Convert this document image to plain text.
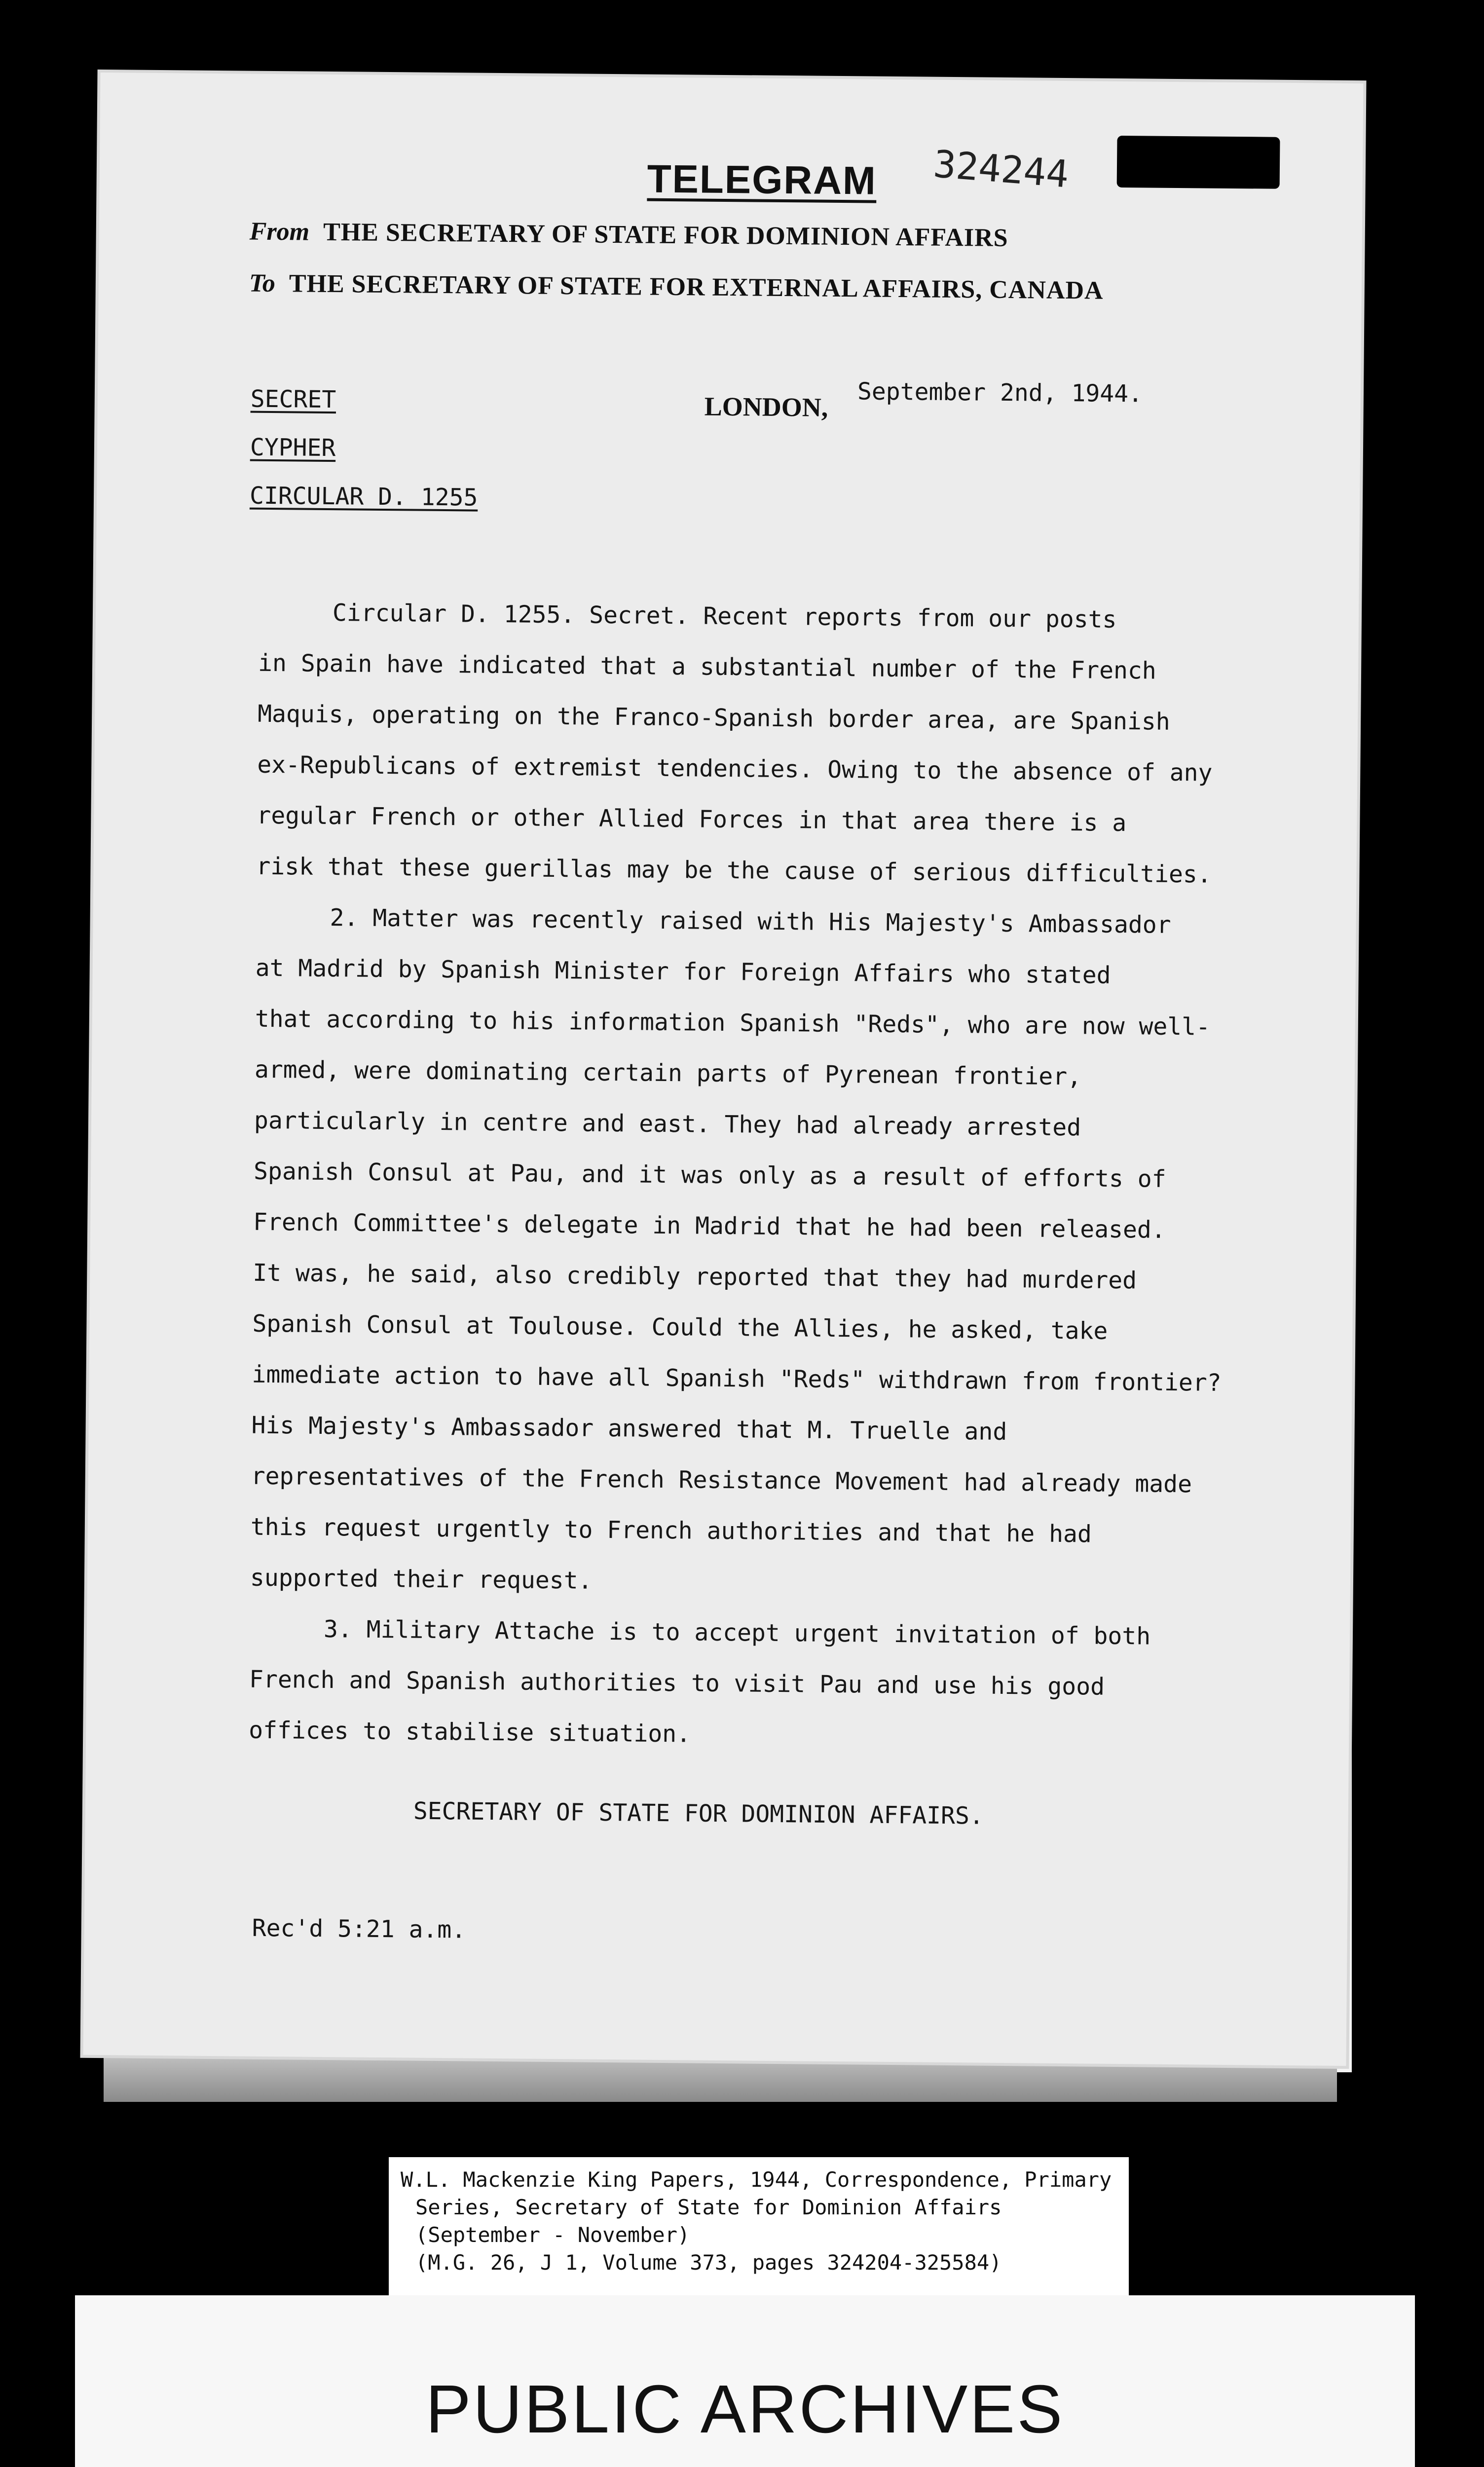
TELEGRAM 324244
From THE SECRETARY OF STATE FOR DOMINION AFFAIRS
To THE SECRETARY OF STATE FOR EXTERNAL AFFAIRS, CANADA
SECRET
CYPHER
CIRCULAR D. 1255
LONDON, September 2nd, 1944.

Circular D. 1255. Secret. Recent reports from our posts

in Spain have indicated that a substantial number of the French

Maquis, operating on the Franco-Spanish border area, are Spanish

ex-Republicans of extremist tendencies. Owing to the absence of any

regular French or other Allied Forces in that area there is a

risk that these guerillas may be the cause of serious difficulties.

2. Matter was recently raised with His Majesty's Ambassador

at Madrid by Spanish Minister for Foreign Affairs who stated

that according to his information Spanish "Reds", who are now well-

armed, were dominating certain parts of Pyrenean frontier,

particularly in centre and east. They had already arrested

Spanish Consul at Pau, and it was only as a result of efforts of

French Committee's delegate in Madrid that he had been released.

It was, he said, also credibly reported that they had murdered

Spanish Consul at Toulouse. Could the Allies, he asked, take

immediate action to have all Spanish "Reds" withdrawn from frontier?

His Majesty's Ambassador answered that M. Truelle and

representatives of the French Resistance Movement had already made

this request urgently to French authorities and that he had

supported their request.

3. Military Attache is to accept urgent invitation of both

French and Spanish authorities to visit Pau and use his good

offices to stabilise situation.

SECRETARY OF STATE FOR DOMINION AFFAIRS.
Rec'd 5:21 a.m.
W.L. Mackenzie King Papers, 1944, Correspondence, Primary
Series, Secretary of State for Dominion Affairs
(September - November)
(M.G. 26, J 1, Volume 373, pages 324204-325584)
PUBLIC ARCHIVES
